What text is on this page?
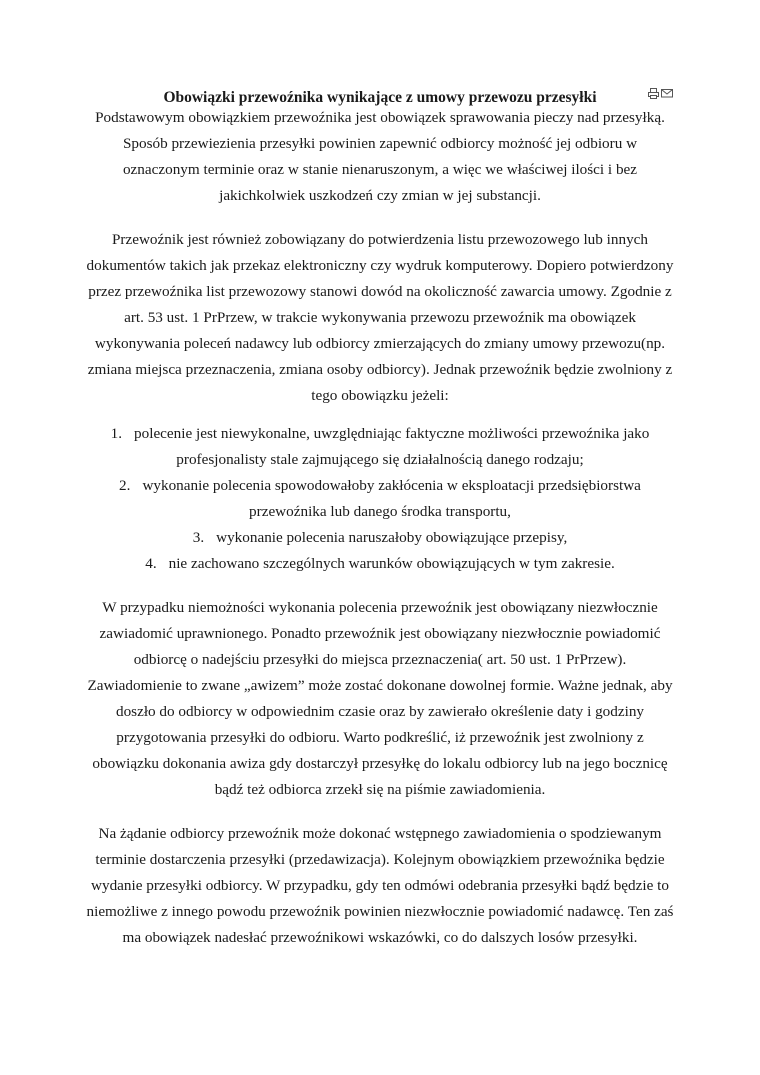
Obowiązki przewoźnika wynikające z umowy przewozu przesyłki

Podstawowym obowiązkiem przewoźnika jest obowiązek sprawowania pieczy nad przesyłką. Sposób przewiezienia przesyłki powinien zapewnić odbiorcy możność jej odbioru w oznaczonym terminie oraz w stanie nienaruszonym, a więc we właściwej ilości i bez jakichkolwiek uszkodzeń czy zmian w jej substancji.

Przewoźnik jest również zobowiązany do potwierdzenia listu przewozowego lub innych dokumentów takich jak przekaz elektroniczny czy wydruk komputerowy. Dopiero potwierdzony przez przewoźnika list przewozowy stanowi dowód na okoliczność zawarcia umowy. Zgodnie z art. 53 ust. 1 PrPrzew, w trakcie wykonywania przewozu przewoźnik ma obowiązek wykonywania poleceń nadawcy lub odbiorcy zmierzających do zmiany umowy przewozu(np. zmiana miejsca przeznaczenia, zmiana osoby odbiorcy). Jednak przewoźnik będzie zwolniony z tego obowiązku jeżeli:

1. polecenie jest niewykonalne, uwzględniając faktyczne możliwości przewoźnika jako profesjonalisty stale zajmującego się działalnością danego rodzaju;
2. wykonanie polecenia spowodowałoby zakłócenia w eksploatacji przedsiębiorstwa przewoźnika lub danego środka transportu,
3. wykonanie polecenia naruszałoby obowiązujące przepisy,
4. nie zachowano szczególnych warunków obowiązujących w tym zakresie.

W przypadku niemożności wykonania polecenia przewoźnik jest obowiązany niezwłocznie zawiadomić uprawnionego. Ponadto przewoźnik jest obowiązany niezwłocznie powiadomić odbiorcę o nadejściu przesyłki do miejsca przeznaczenia( art. 50 ust. 1 PrPrzew). Zawiadomienie to zwane „awizem” może zostać dokonane dowolnej formie. Ważne jednak, aby doszło do odbiorcy w odpowiednim czasie oraz by zawierało określenie daty i godziny przygotowania przesyłki do odbioru. Warto podkreślić, iż przewoźnik jest zwolniony z obowiązku dokonania awiza gdy dostarczył przesyłkę do lokalu odbiorcy lub na jego bocznicę bądź też odbiorca zrzekł się na piśmie zawiadomienia.

Na żądanie odbiorcy przewoźnik może dokonać wstępnego zawiadomienia o spodziewanym terminie dostarczenia przesyłki (przedawizacja). Kolejnym obowiązkiem przewoźnika będzie wydanie przesyłki odbiorcy. W przypadku, gdy ten odmówi odebrania przesyłki bądź będzie to niemożliwe z innego powodu przewoźnik powinien niezwłocznie powiadomić nadawcę. Ten zaś ma obowiązek nadesłać przewoźnikowi wskazówki, co do dalszych losów przesyłki.
